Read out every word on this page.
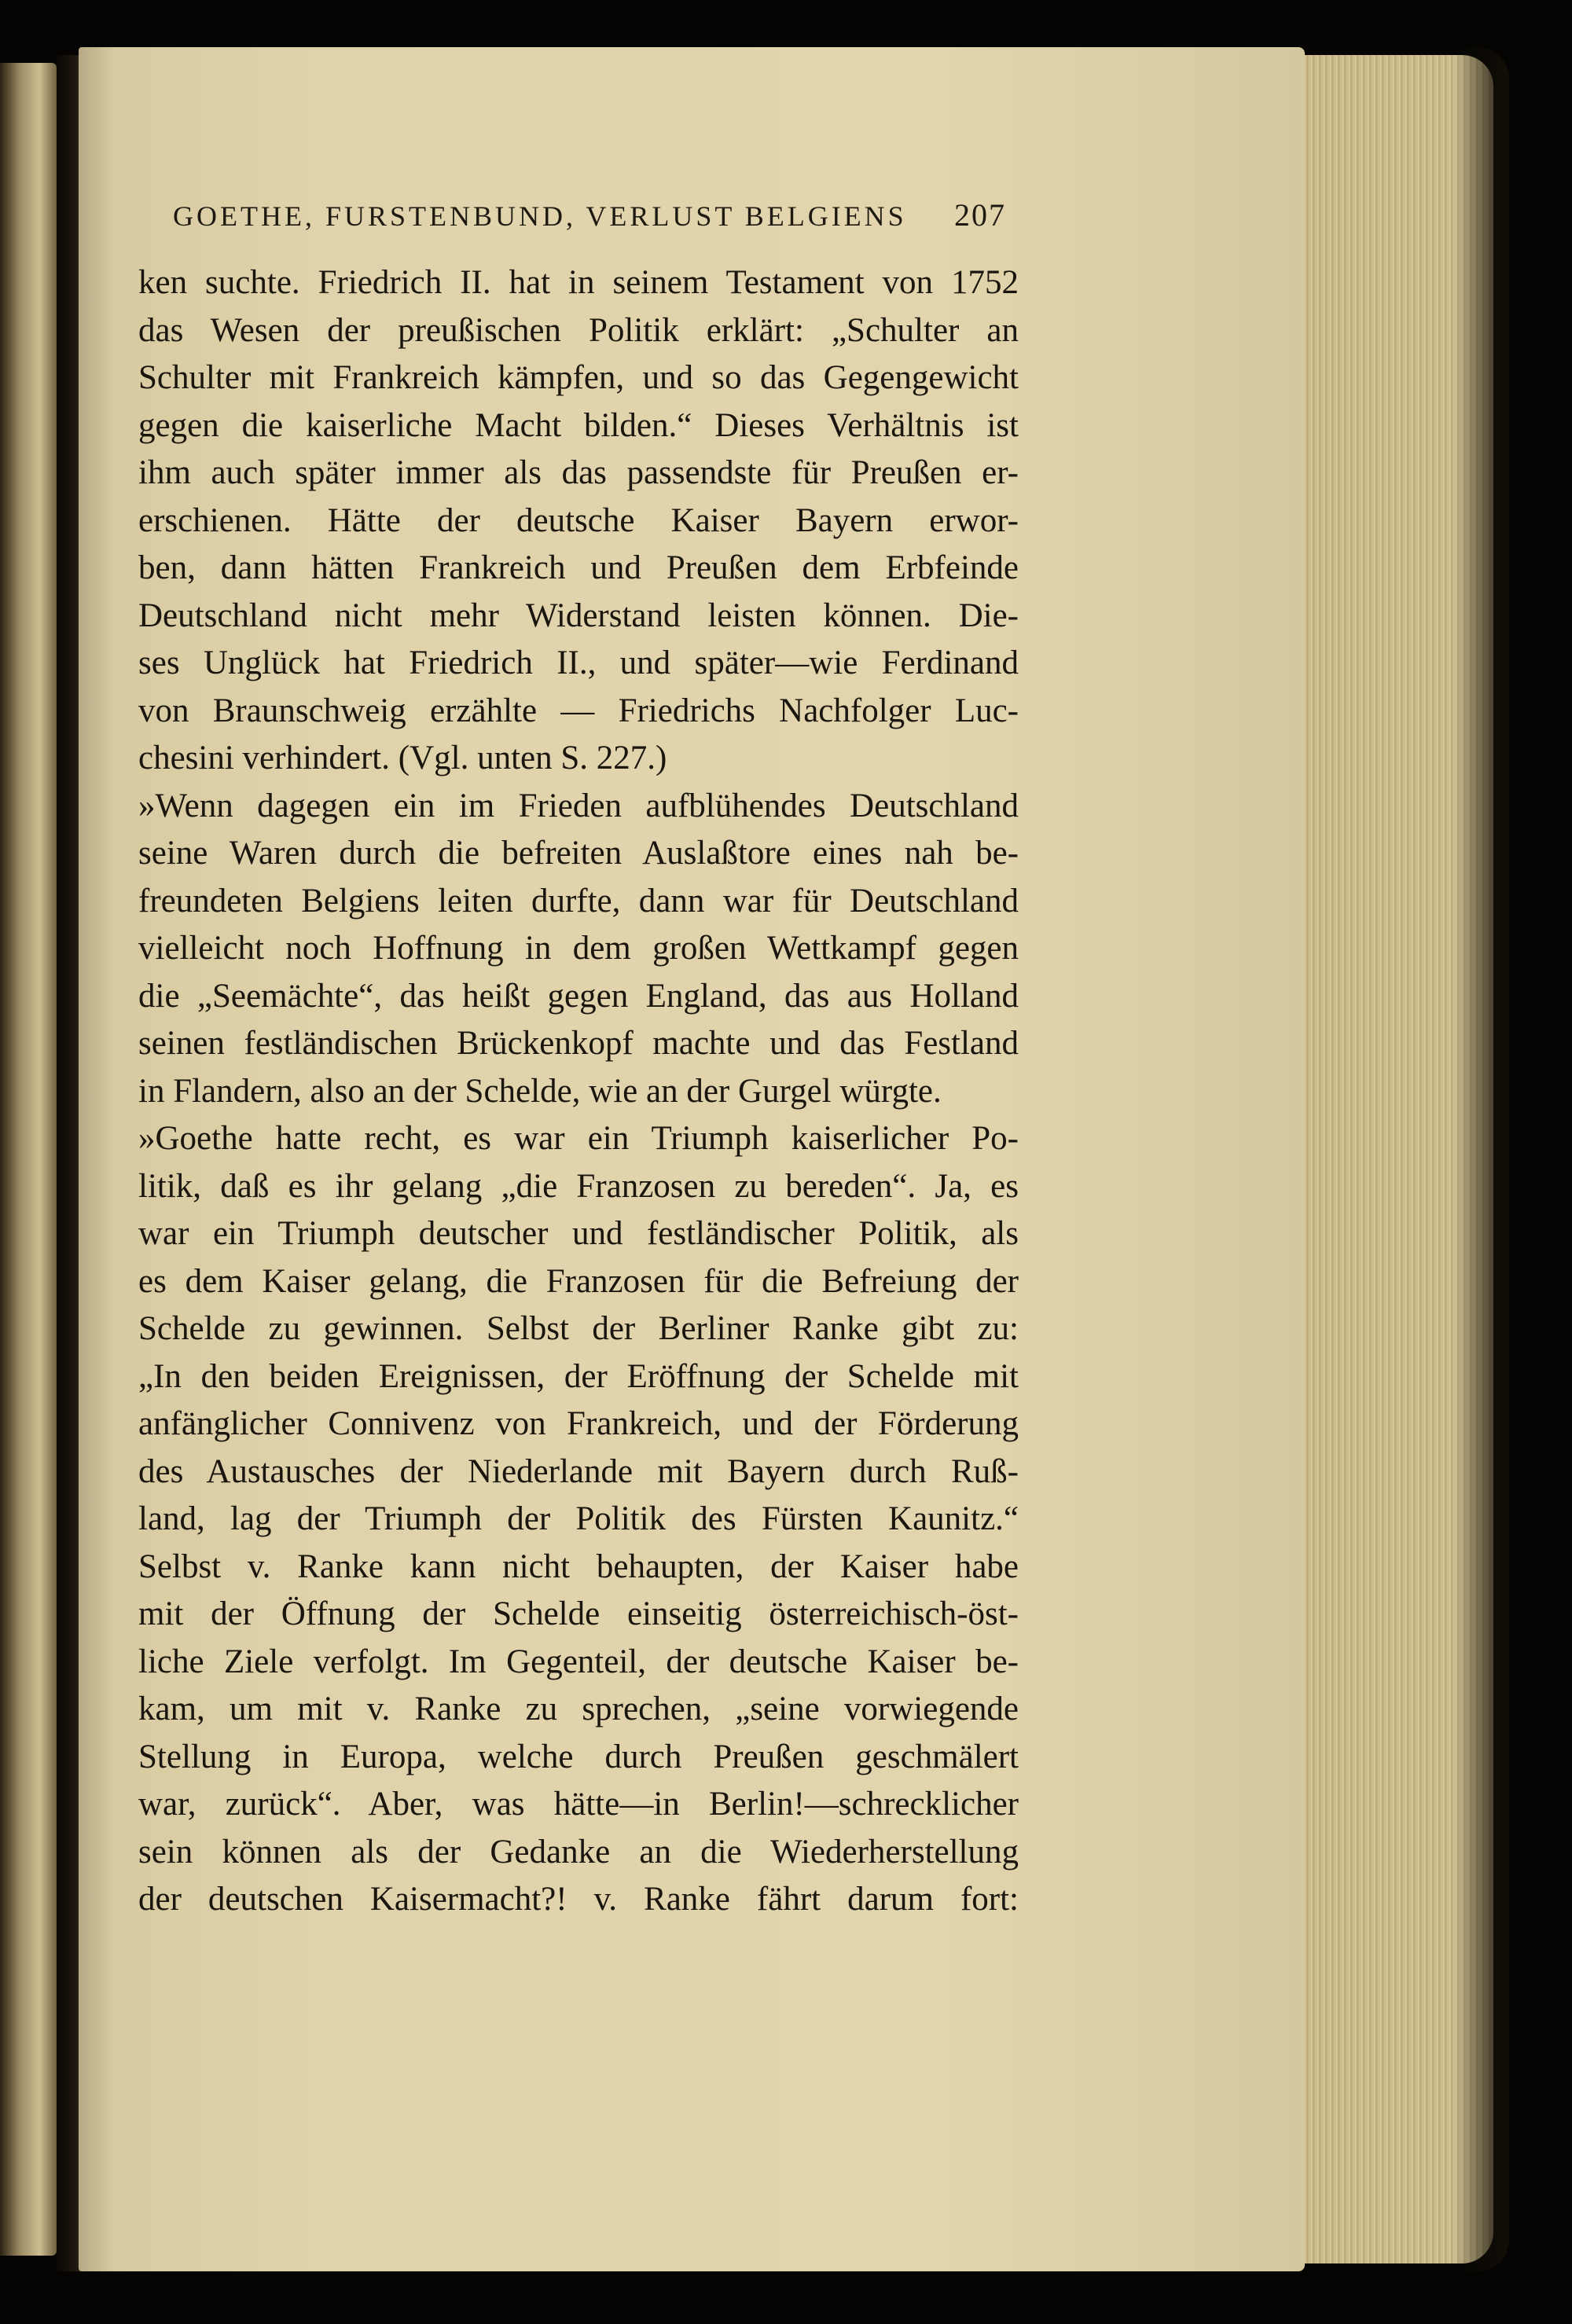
GOETHE, FURSTENBUND, VERLUST BELGIENS 207
ken suchte. Friedrich II. hat in seinem Testament von 1752
das Wesen der preußischen Politik erklärt: „Schulter an
Schulter mit Frankreich kämpfen, und so das Gegengewicht
gegen die kaiserliche Macht bilden.“ Dieses Verhältnis ist
ihm auch später immer als das passendste für Preußen er-
erschienen. Hätte der deutsche Kaiser Bayern erwor-
ben, dann hätten Frankreich und Preußen dem Erbfeinde
Deutschland nicht mehr Widerstand leisten können. Die-
ses Unglück hat Friedrich II., und später—wie Ferdinand
von Braunschweig erzählte — Friedrichs Nachfolger Luc-
chesini verhindert. (Vgl. unten S. 227.)
»Wenn dagegen ein im Frieden aufblühendes Deutschland
seine Waren durch die befreiten Auslaßtore eines nah be-
freundeten Belgiens leiten durfte, dann war für Deutschland
vielleicht noch Hoffnung in dem großen Wettkampf gegen
die „Seemächte“, das heißt gegen England, das aus Holland
seinen festländischen Brückenkopf machte und das Festland
in Flandern, also an der Schelde, wie an der Gurgel würgte.
»Goethe hatte recht, es war ein Triumph kaiserlicher Po-
litik, daß es ihr gelang „die Franzosen zu bereden“. Ja, es
war ein Triumph deutscher und festländischer Politik, als
es dem Kaiser gelang, die Franzosen für die Befreiung der
Schelde zu gewinnen. Selbst der Berliner Ranke gibt zu:
„In den beiden Ereignissen, der Eröffnung der Schelde mit
anfänglicher Connivenz von Frankreich, und der Förderung
des Austausches der Niederlande mit Bayern durch Ruß-
land, lag der Triumph der Politik des Fürsten Kaunitz.“
Selbst v. Ranke kann nicht behaupten, der Kaiser habe
mit der Öffnung der Schelde einseitig österreichisch-öst-
liche Ziele verfolgt. Im Gegenteil, der deutsche Kaiser be-
kam, um mit v. Ranke zu sprechen, „seine vorwiegende
Stellung in Europa, welche durch Preußen geschmälert
war, zurück“. Aber, was hätte—in Berlin!—schrecklicher
sein können als der Gedanke an die Wiederherstellung
der deutschen Kaisermacht?! v. Ranke fährt darum fort:
